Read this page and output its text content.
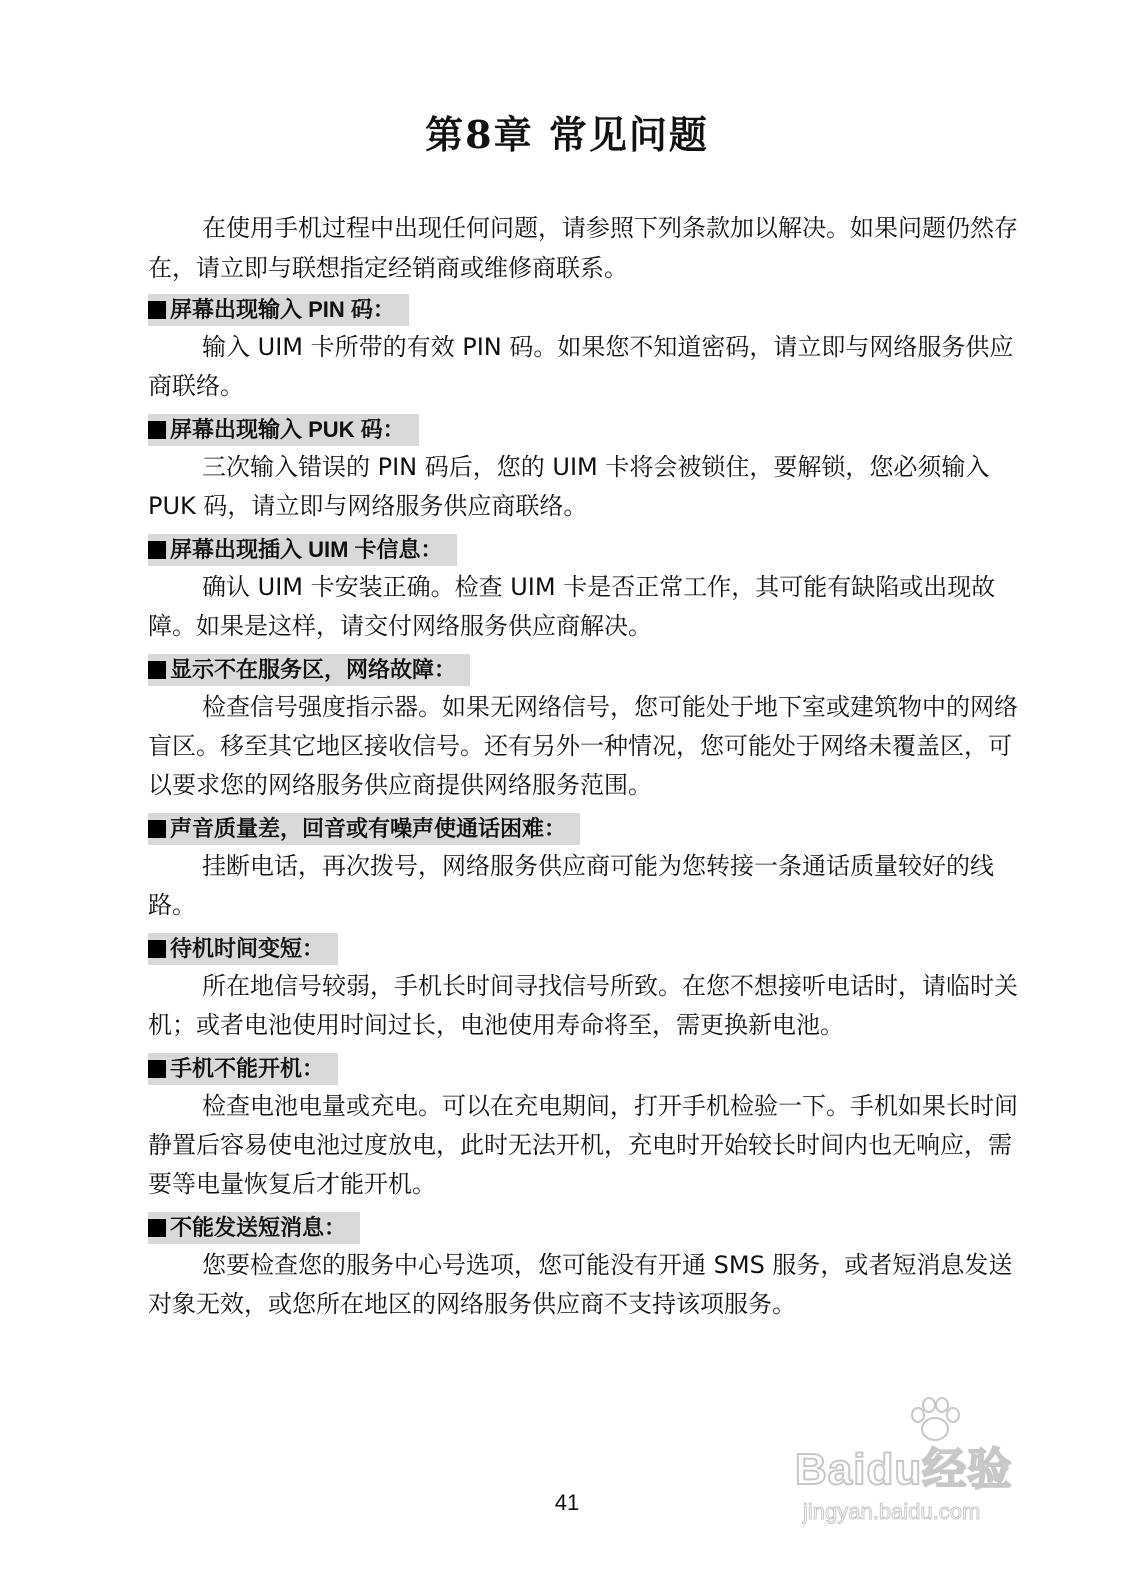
第8章 常见问题

在使用手机过程中出现任何问题，请参照下列条款加以解决。如果问题仍然存在，请立即与联想指定经销商或维修商联系。

屏幕出现输入 PIN 码：

输入 UIM 卡所带的有效 PIN 码。如果您不知道密码，请立即与网络服务供应商联络。

屏幕出现输入 PUK 码：

三次输入错误的 PIN 码后，您的 UIM 卡将会被锁住，要解锁，您必须输入 PUK 码，请立即与网络服务供应商联络。

屏幕出现插入 UIM 卡信息：

确认 UIM 卡安装正确。检查 UIM 卡是否正常工作，其可能有缺陷或出现故障。如果是这样，请交付网络服务供应商解决。

显示不在服务区，网络故障：

检查信号强度指示器。如果无网络信号，您可能处于地下室或建筑物中的网络盲区。移至其它地区接收信号。还有另外一种情况，您可能处于网络未覆盖区，可以要求您的网络服务供应商提供网络服务范围。

声音质量差，回音或有噪声使通话困难：

挂断电话，再次拨号，网络服务供应商可能为您转接一条通话质量较好的线路。

待机时间变短：

所在地信号较弱，手机长时间寻找信号所致。在您不想接听电话时，请临时关机；或者电池使用时间过长，电池使用寿命将至，需更换新电池。

手机不能开机：

检查电池电量或充电。可以在充电期间，打开手机检验一下。手机如果长时间静置后容易使电池过度放电，此时无法开机，充电时开始较长时间内也无响应，需要等电量恢复后才能开机。

不能发送短消息：

您要检查您的服务中心号选项，您可能没有开通 SMS 服务，或者短消息发送对象无效，或您所在地区的网络服务供应商不支持该项服务。

Baidu经验
jingyan.baidu.com
41
